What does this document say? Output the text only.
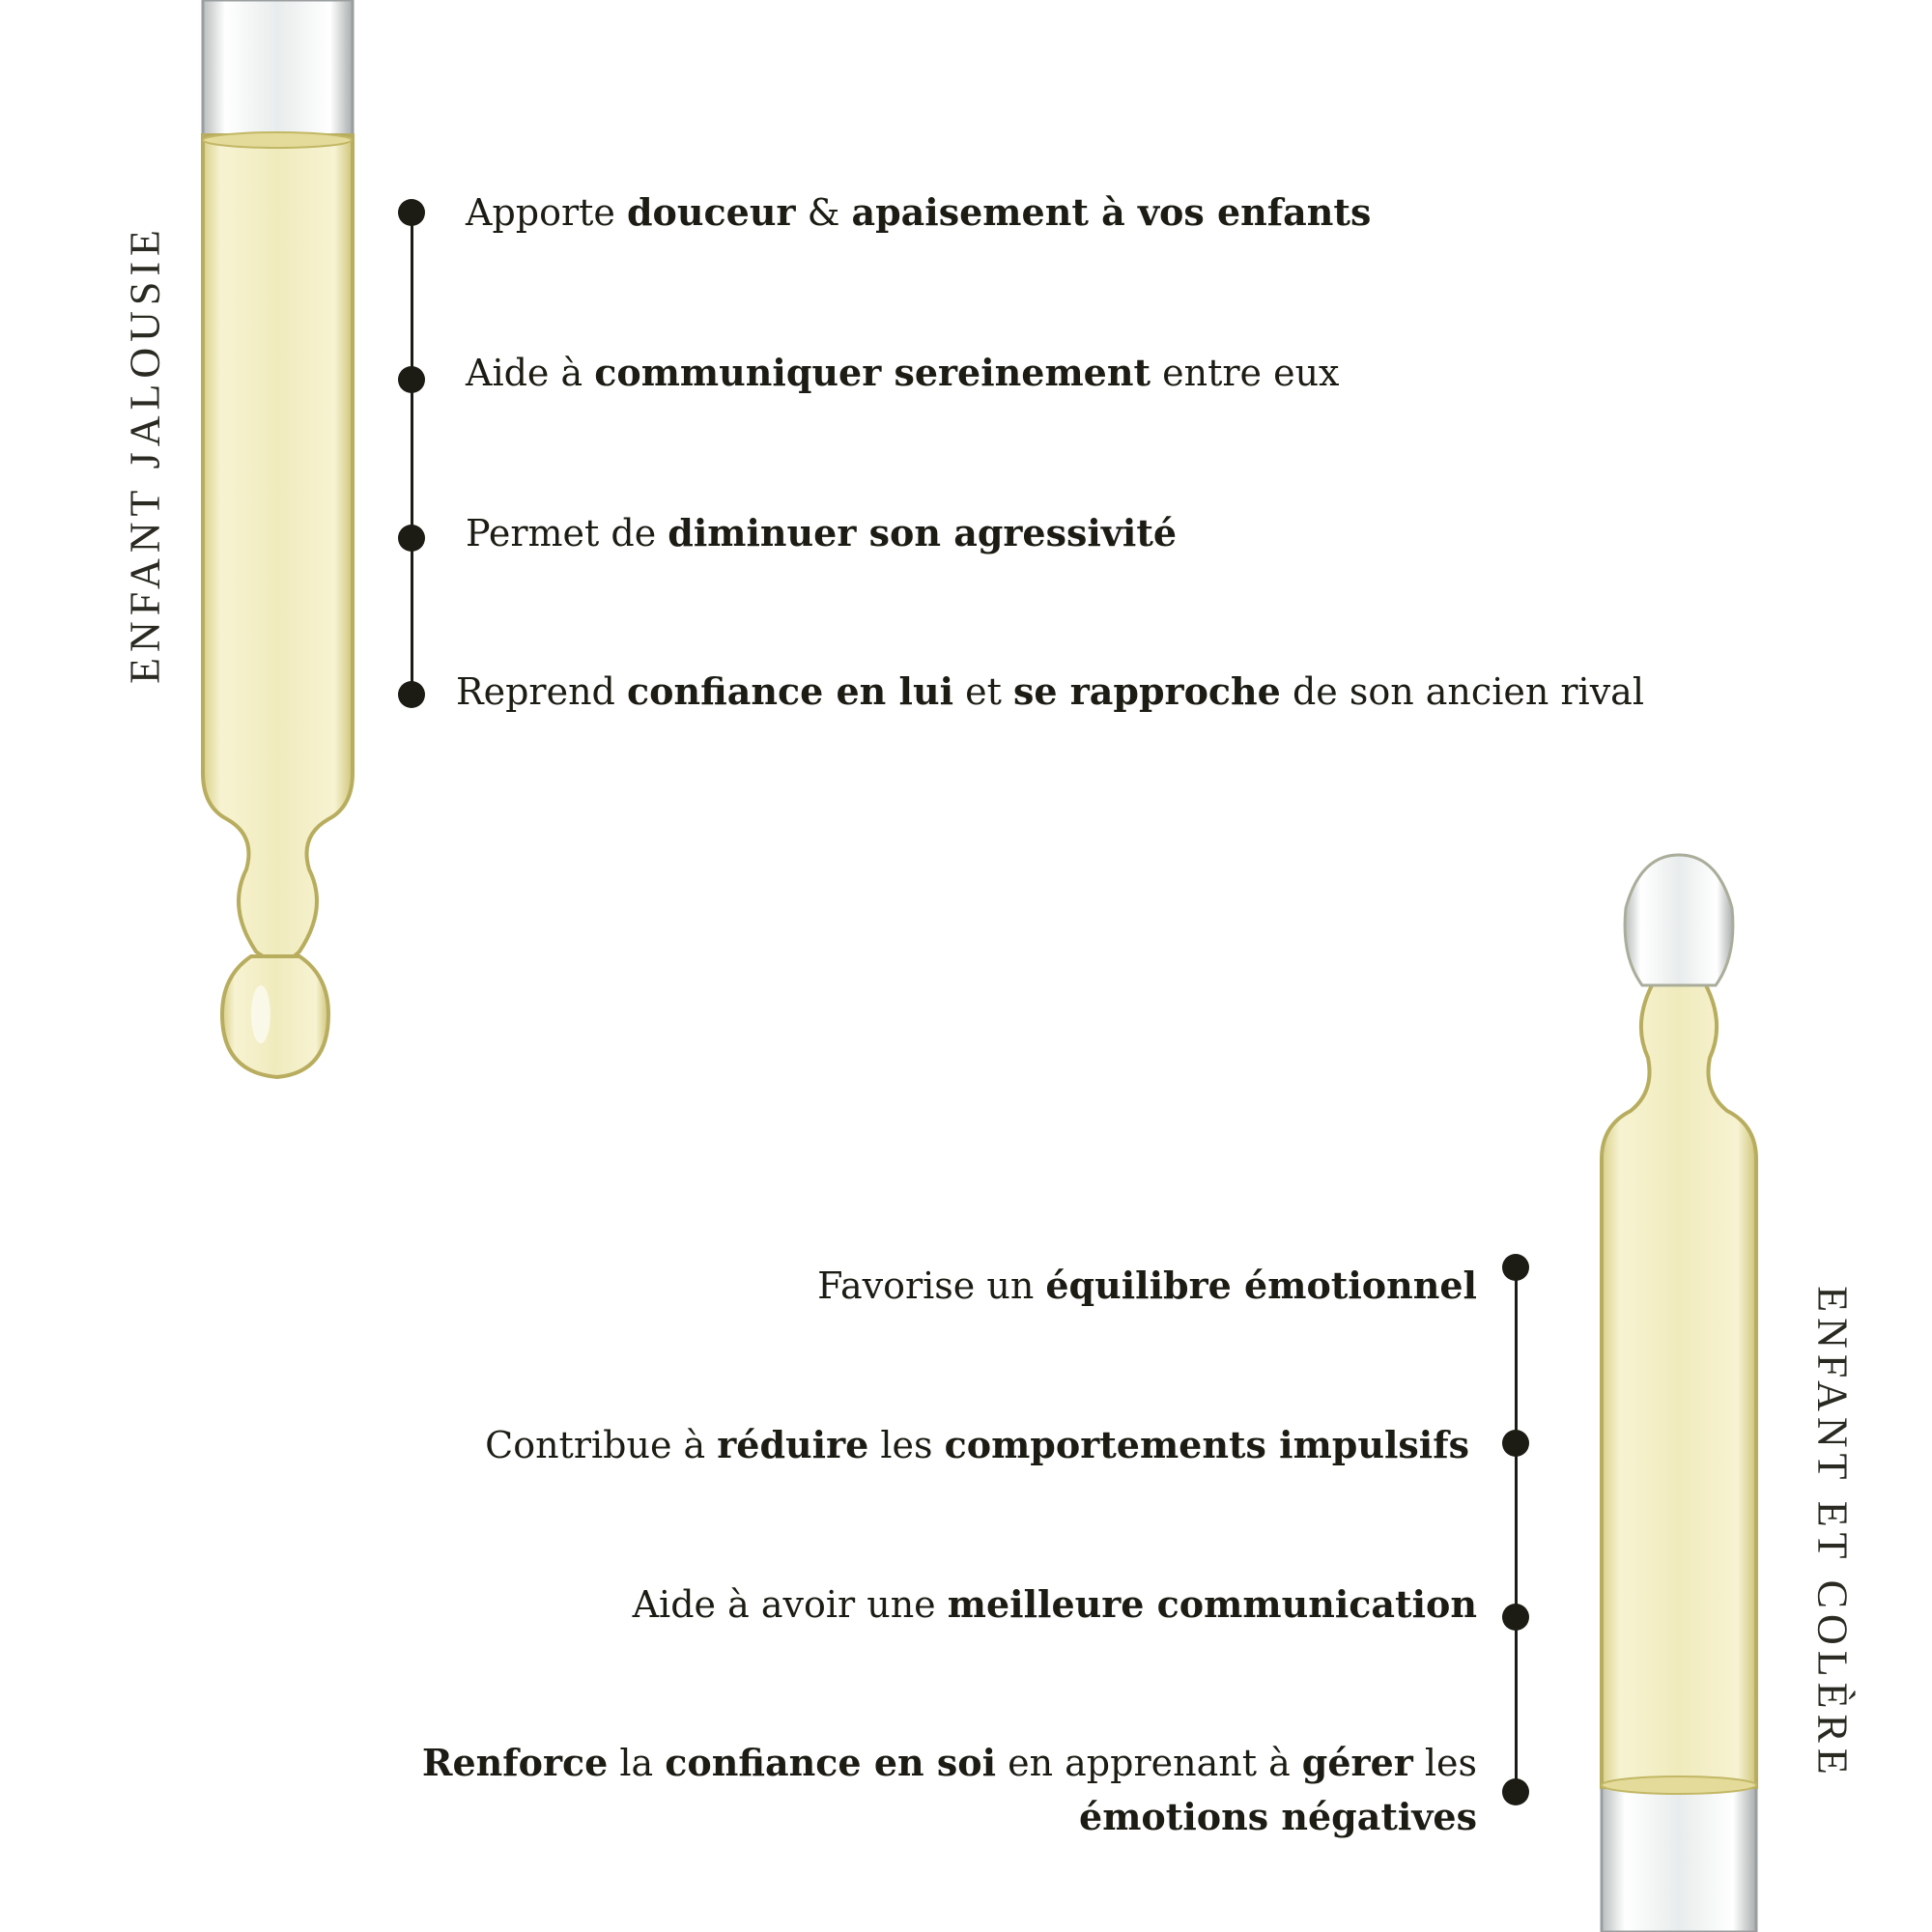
ENFANT JALOUSIE
Apporte douceur & apaisement à vos enfants
Aide à communiquer sereinement entre eux
Permet de diminuer son agressivité
Reprend confiance en lui et se rapproche de son ancien rival
ENFANT ET COLÈRE
Favorise un équilibre émotionnel
Contribue à réduire les comportements impulsifs
Aide à avoir une meilleure communication
Renforce la confiance en soi en apprenant à gérer les émotions négatives
